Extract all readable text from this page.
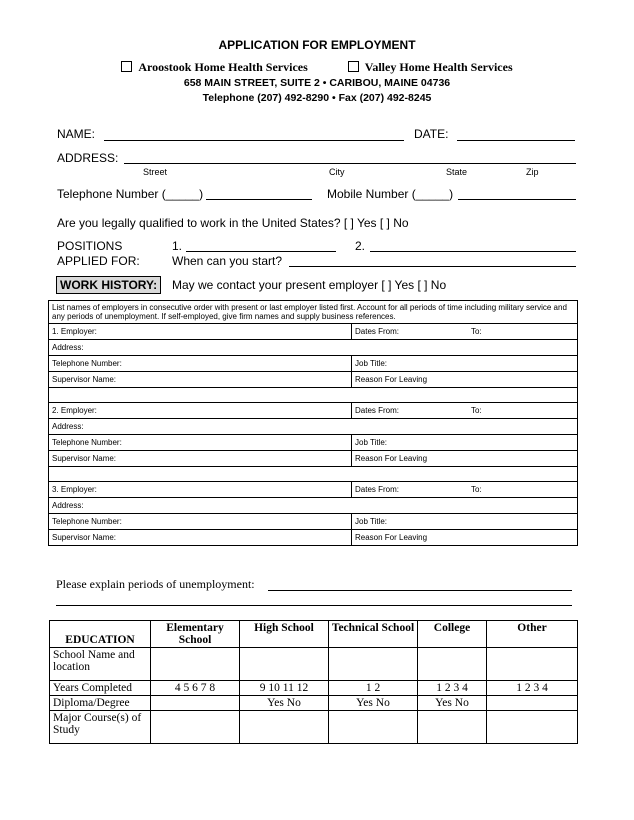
APPLICATION FOR EMPLOYMENT
Aroostook Home Health Services	Valley Home Health Services
658 MAIN STREET, SUITE 2 • CARIBOU, MAINE 04736
Telephone (207) 492-8290 • Fax (207) 492-8245
NAME:	DATE:
ADDRESS:
Street	City	State	Zip
Telephone Number (_____)	Mobile Number (_____)
Are you legally qualified to work in the United States? [ ] Yes [ ] No
POSITIONS
APPLIED FOR:
1.	2.
When can you start?
WORK HISTORY:	May we contact your present employer [ ] Yes [ ] No
List names of employers in consecutive order with present or last employer listed first. Account for all periods of time including military service and any periods of unemployment. If self-employed, give firm names and supply business references.		
1. Employer:	Dates From:	To:
Address:		
Telephone Number:	Job Title:	
Supervisor Name:	Reason For Leaving	

2. Employer:	Dates From:	To:
Address:		
Telephone Number:	Job Title:	
Supervisor Name:	Reason For Leaving	

3. Employer:	Dates From:	To:
Address:		
Telephone Number:	Job Title:	
Supervisor Name:	Reason For Leaving	
Please explain periods of unemployment:
EDUCATION	Elementary School	High School	Technical School	College	Other
School Name and location					
Years Completed	4 5 6 7 8	9 10 11 12	1 2	1 2 3 4	1 2 3 4
Diploma/Degree		Yes No	Yes No	Yes No	
Major Course(s) of Study					
